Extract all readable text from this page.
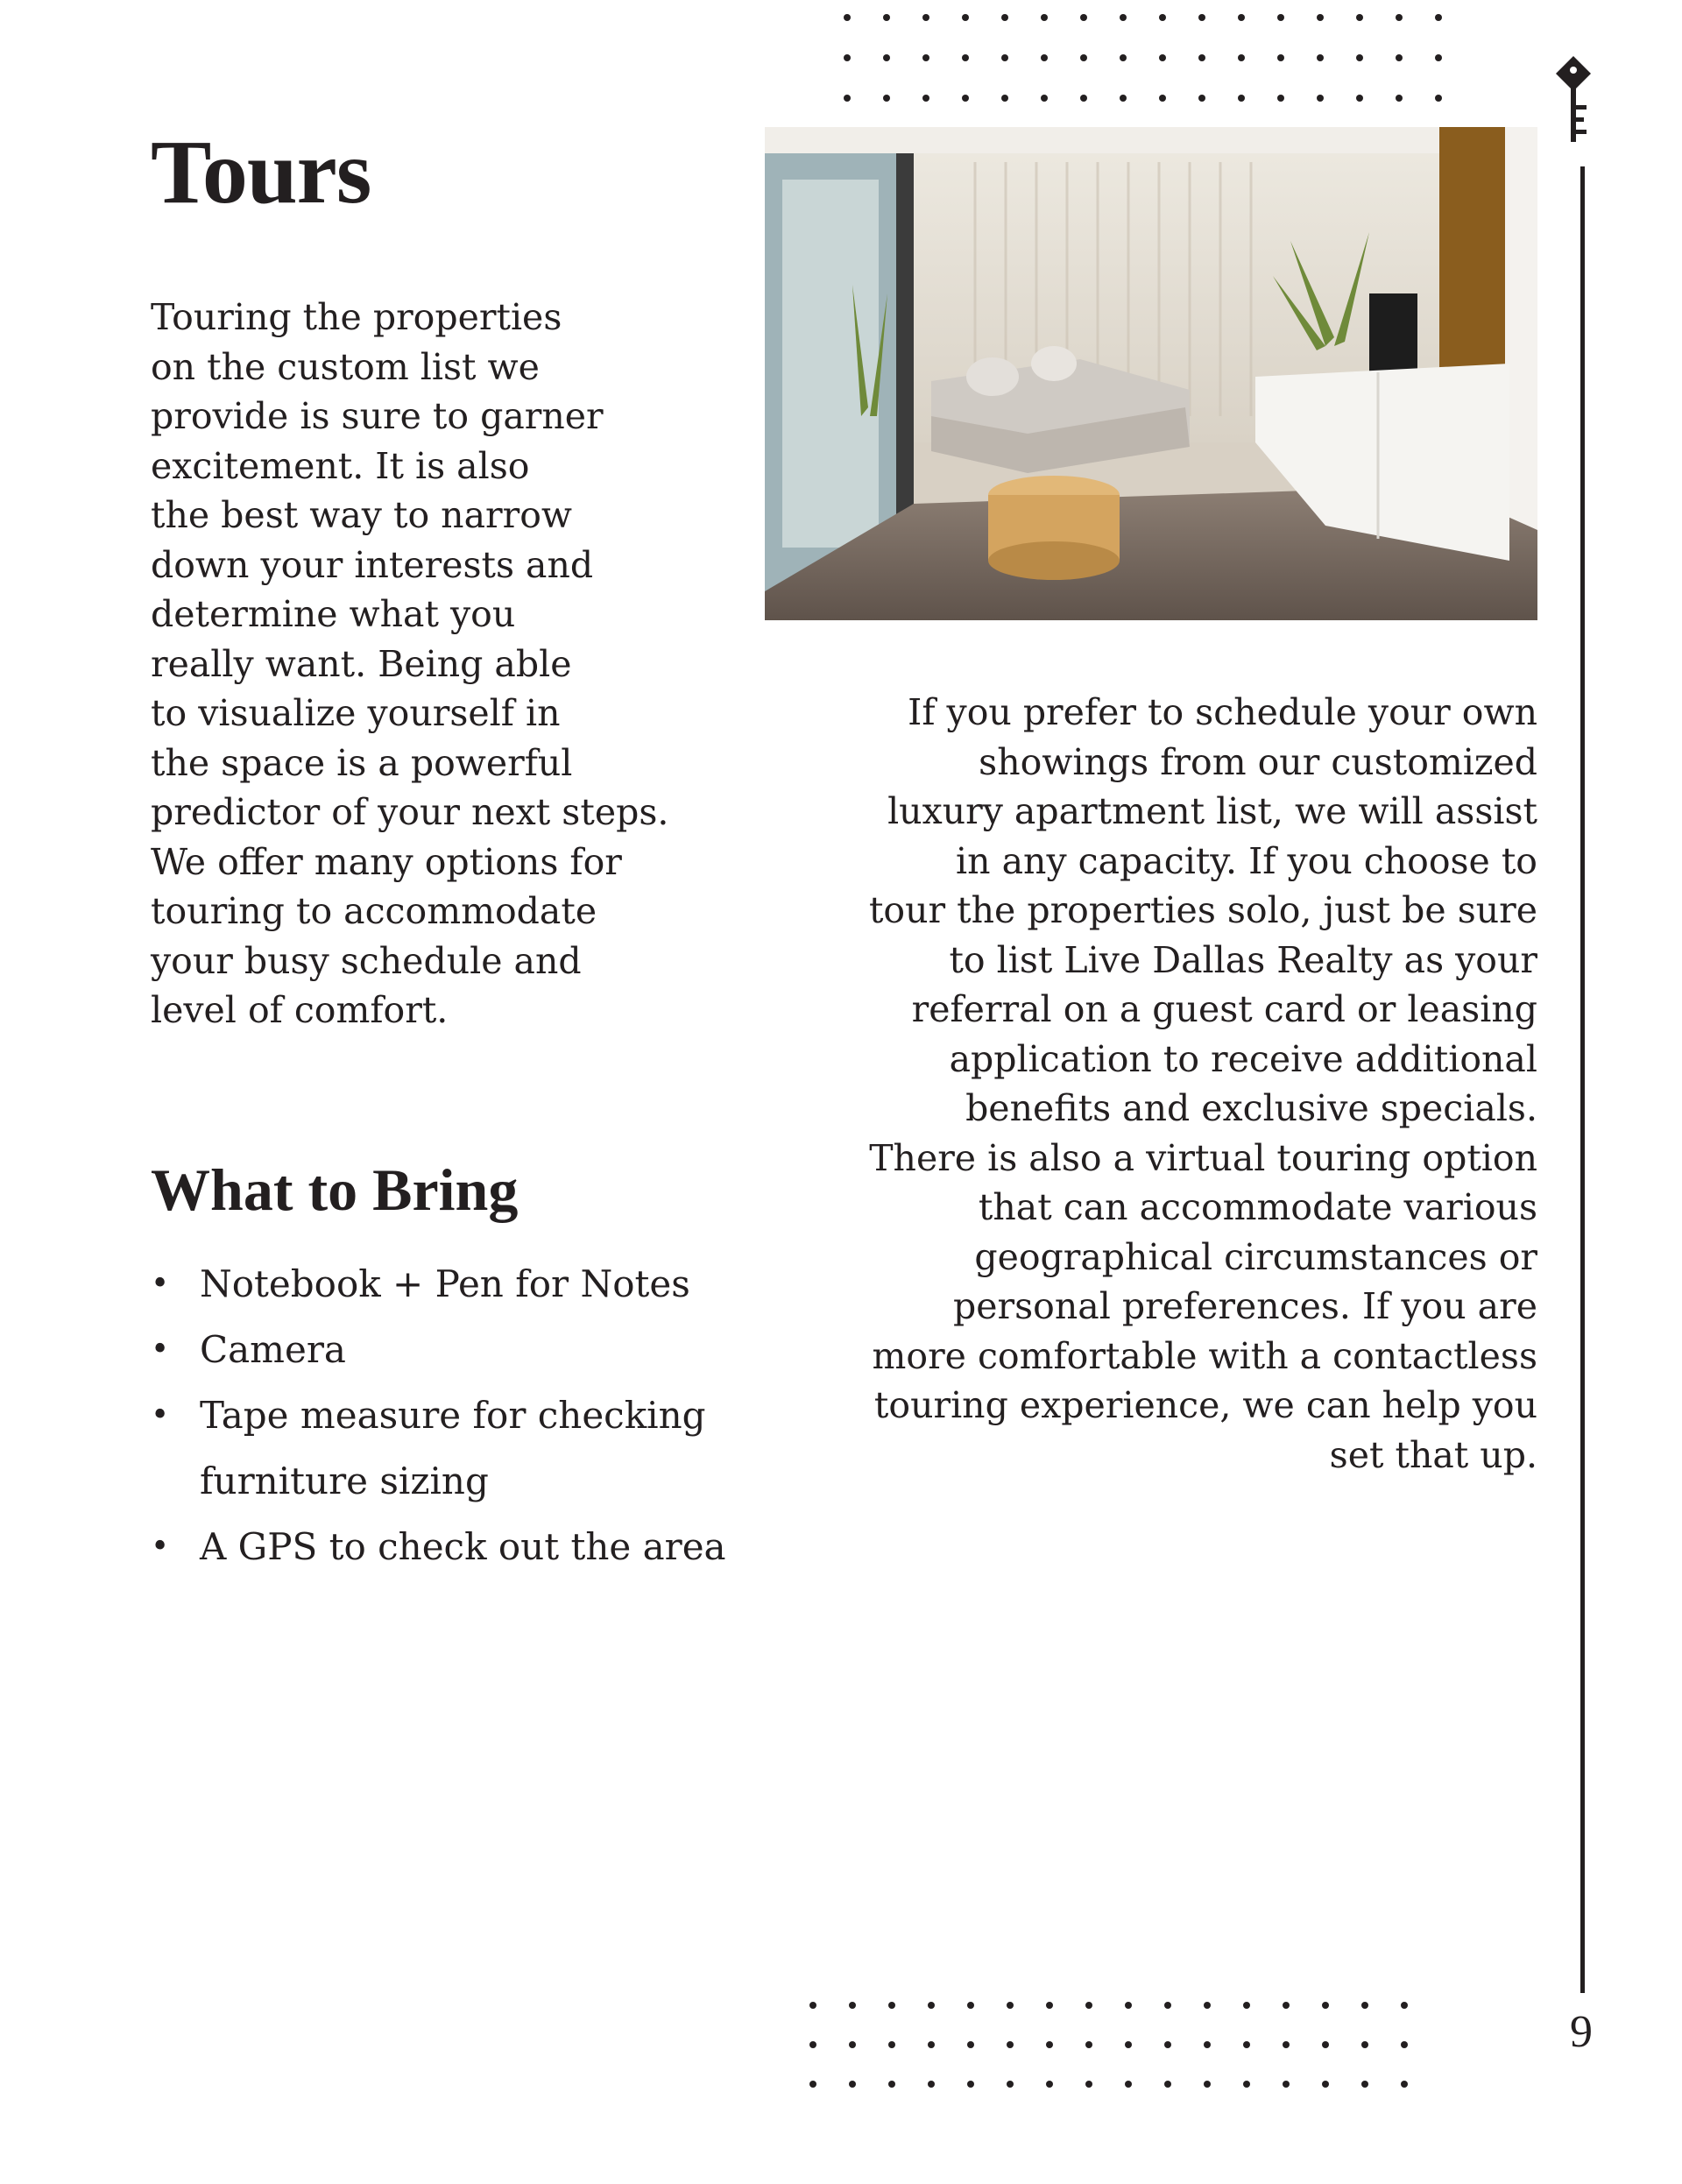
9
Tours
Touring the properties
on the custom list we
provide is sure to garner
excitement. It is also
the best way to narrow
down your interests and
determine what you
really want. Being able
to visualize yourself in
the space is a powerful
predictor of your next steps.
We offer many options for
touring to accommodate
your busy schedule and
level of comfort.
What to Bring
• Notebook + Pen for Notes
• Camera
• Tape measure for checking
furniture sizing
• A GPS to check out the area
If you prefer to schedule your own
showings from our customized
luxury apartment list, we will assist
in any capacity. If you choose to
tour the properties solo, just be sure
to list Live Dallas Realty as your
referral on a guest card or leasing
application to receive additional
benefits and exclusive specials.
There is also a virtual touring option
that can accommodate various
geographical circumstances or
personal preferences. If you are
more comfortable with a contactless
touring experience, we can help you
set that up.
